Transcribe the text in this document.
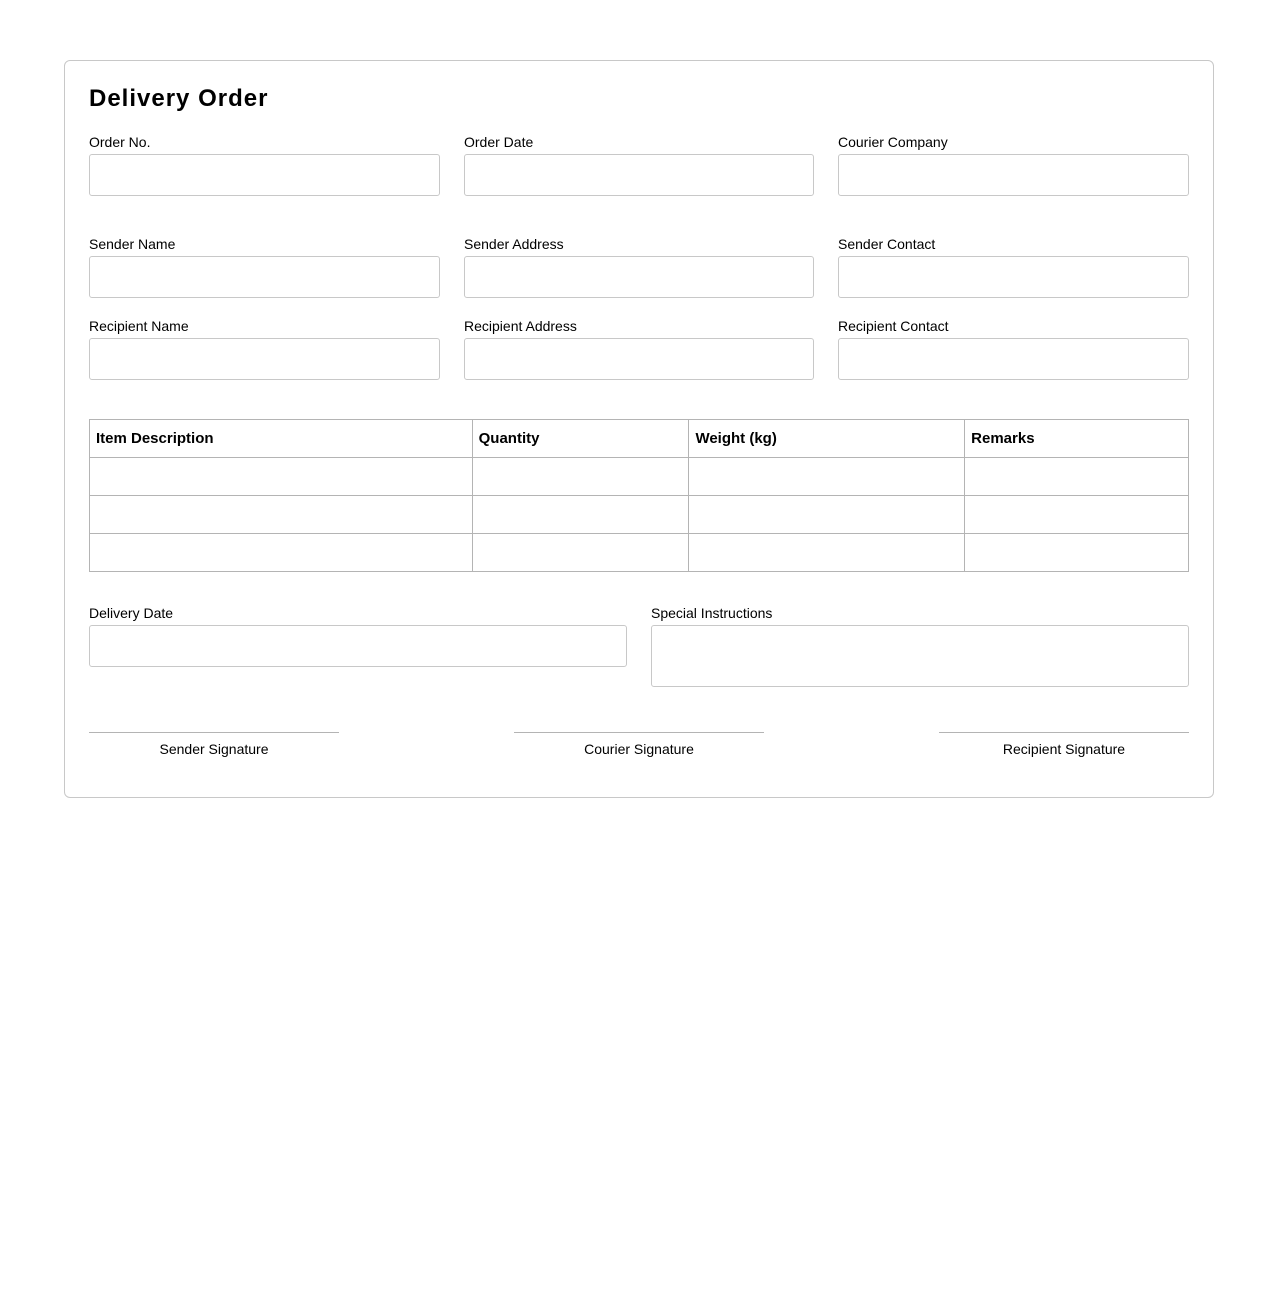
Delivery Order
Order No.	Order Date	Courier Company
Sender Name	Sender Address	Sender Contact
Recipient Name	Recipient Address	Recipient Contact
Item Description	Quantity	Weight (kg)	Remarks

Delivery Date	Special Instructions
Sender Signature	Courier Signature	Recipient Signature
